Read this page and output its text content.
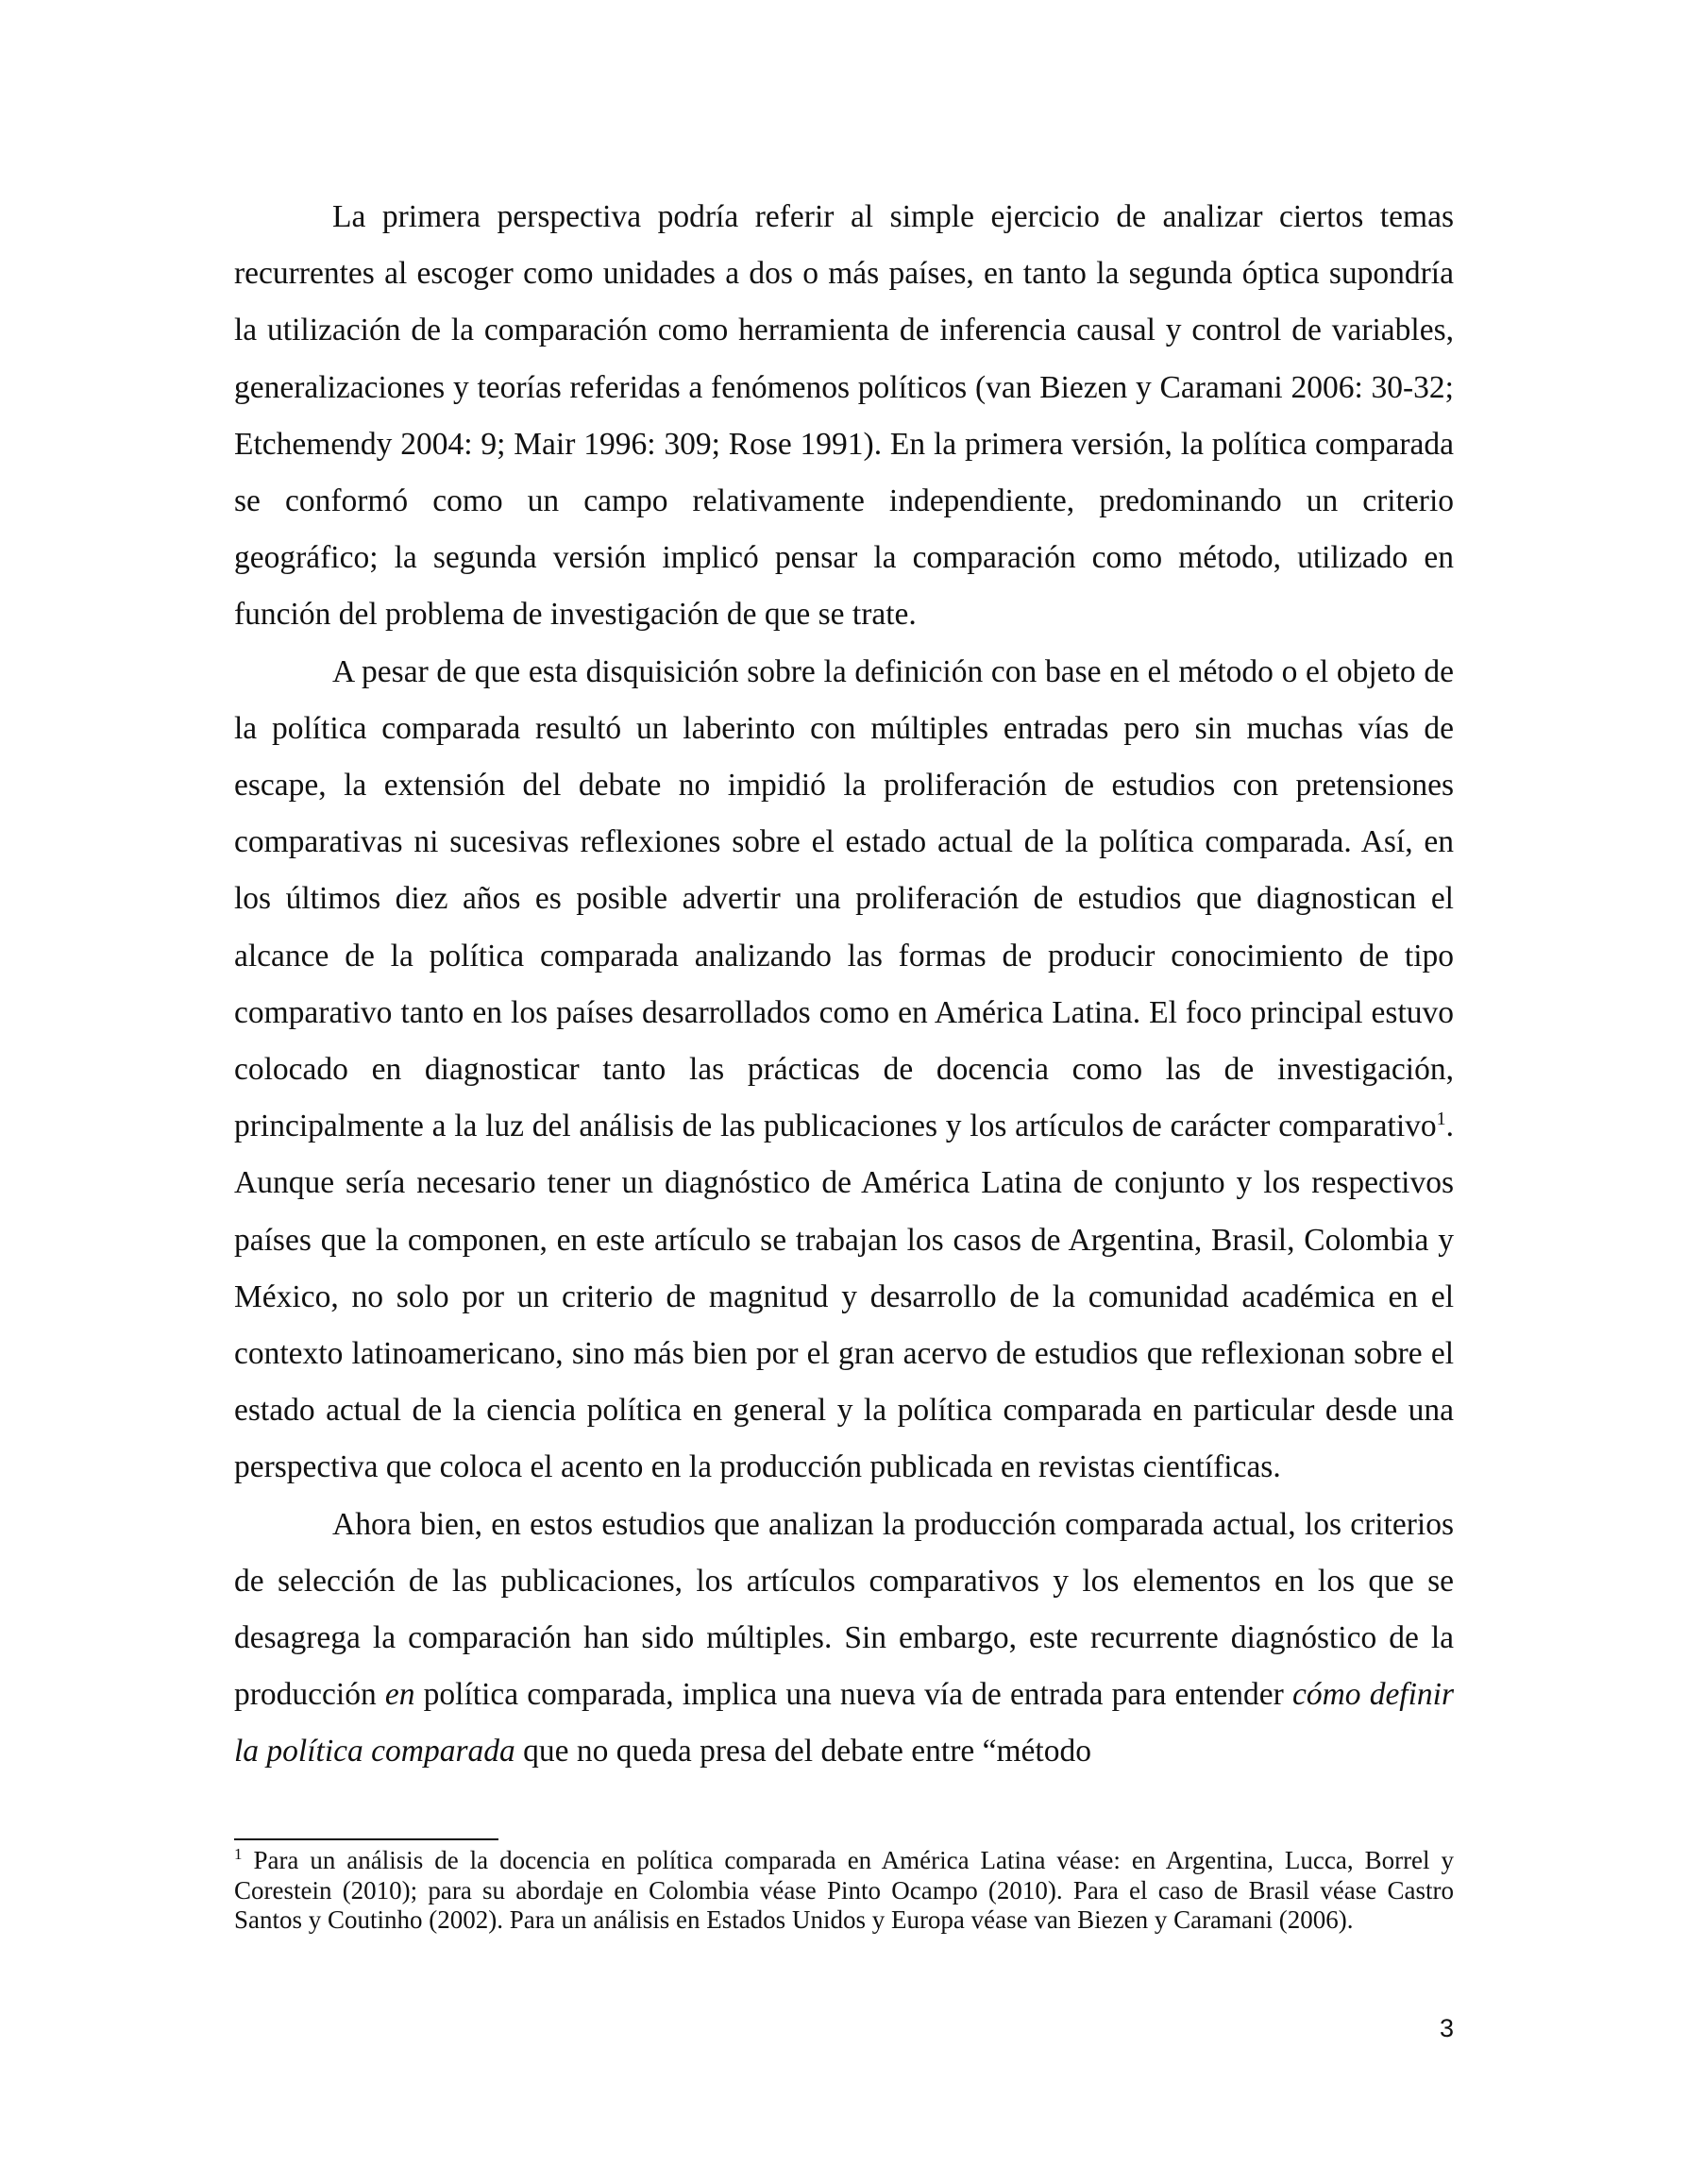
La primera perspectiva podría referir al simple ejercicio de analizar ciertos temas recurrentes al escoger como unidades a dos o más países, en tanto la segunda óptica supondría la utilización de la comparación como herramienta de inferencia causal y control de variables, generalizaciones y teorías referidas a fenómenos políticos (van Biezen y Caramani 2006: 30-32; Etchemendy 2004: 9; Mair 1996: 309; Rose 1991). En la primera versión, la política comparada se conformó como un campo relativamente independiente, predominando un criterio geográfico; la segunda versión implicó pensar la comparación como método, utilizado en función del problema de investigación de que se trate.

A pesar de que esta disquisición sobre la definición con base en el método o el objeto de la política comparada resultó un laberinto con múltiples entradas pero sin muchas vías de escape, la extensión del debate no impidió la proliferación de estudios con pretensiones comparativas ni sucesivas reflexiones sobre el estado actual de la política comparada. Así, en los últimos diez años es posible advertir una proliferación de estudios que diagnostican el alcance de la política comparada analizando las formas de producir conocimiento de tipo comparativo tanto en los países desarrollados como en América Latina. El foco principal estuvo colocado en diagnosticar tanto las prácticas de docencia como las de investigación, principalmente a la luz del análisis de las publicaciones y los artículos de carácter comparativo$^1$. Aunque sería necesario tener un diagnóstico de América Latina de conjunto y los respectivos países que la componen, en este artículo se trabajan los casos de Argentina, Brasil, Colombia y México, no solo por un criterio de magnitud y desarrollo de la comunidad académica en el contexto latinoamericano, sino más bien por el gran acervo de estudios que reflexionan sobre el estado actual de la ciencia política en general y la política comparada en particular desde una perspectiva que coloca el acento en la producción publicada en revistas científicas.

Ahora bien, en estos estudios que analizan la producción comparada actual, los criterios de selección de las publicaciones, los artículos comparativos y los elementos en los que se desagrega la comparación han sido múltiples. Sin embargo, este recurrente diagnóstico de la producción en política comparada, implica una nueva vía de entrada para entender cómo definir la política comparada que no queda presa del debate entre “método

$^1$ Para un análisis de la docencia en política comparada en América Latina véase: en Argentina, Lucca, Borrel y Corestein (2010); para su abordaje en Colombia véase Pinto Ocampo (2010). Para el caso de Brasil véase Castro Santos y Coutinho (2002). Para un análisis en Estados Unidos y Europa véase van Biezen y Caramani (2006).
3
